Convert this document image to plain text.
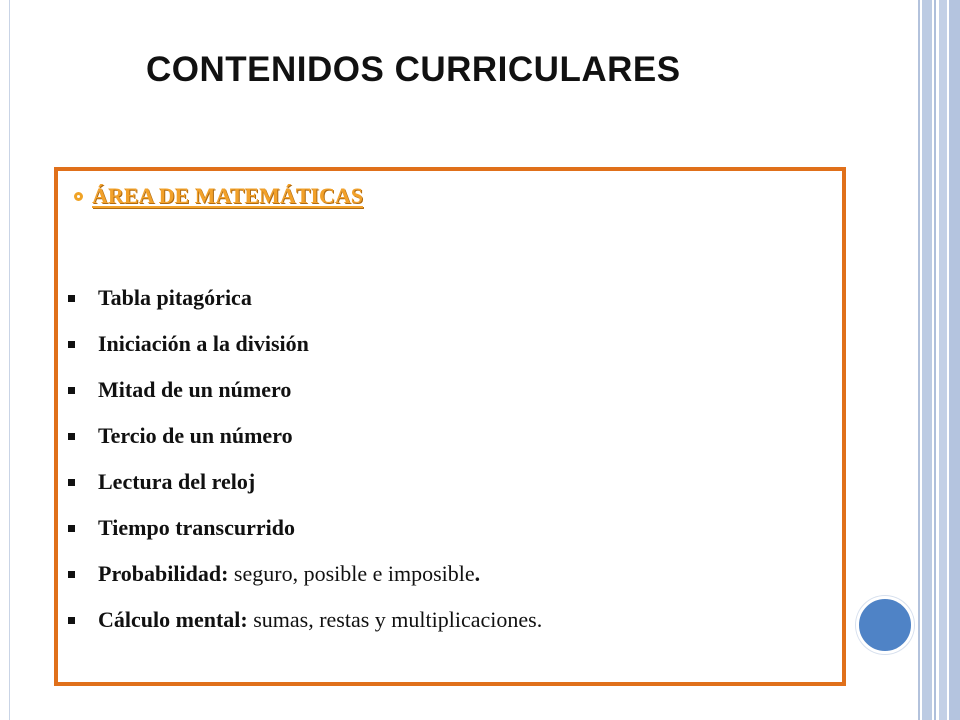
CONTENIDOS CURRICULARES
ÁREA DE MATEMÁTICAS
Tabla pitagórica
Iniciación a la división
Mitad de un número
Tercio de un número
Lectura del reloj
Tiempo transcurrido
Probabilidad: seguro, posible e imposible .
Cálculo mental: sumas, restas y multiplicaciones.
